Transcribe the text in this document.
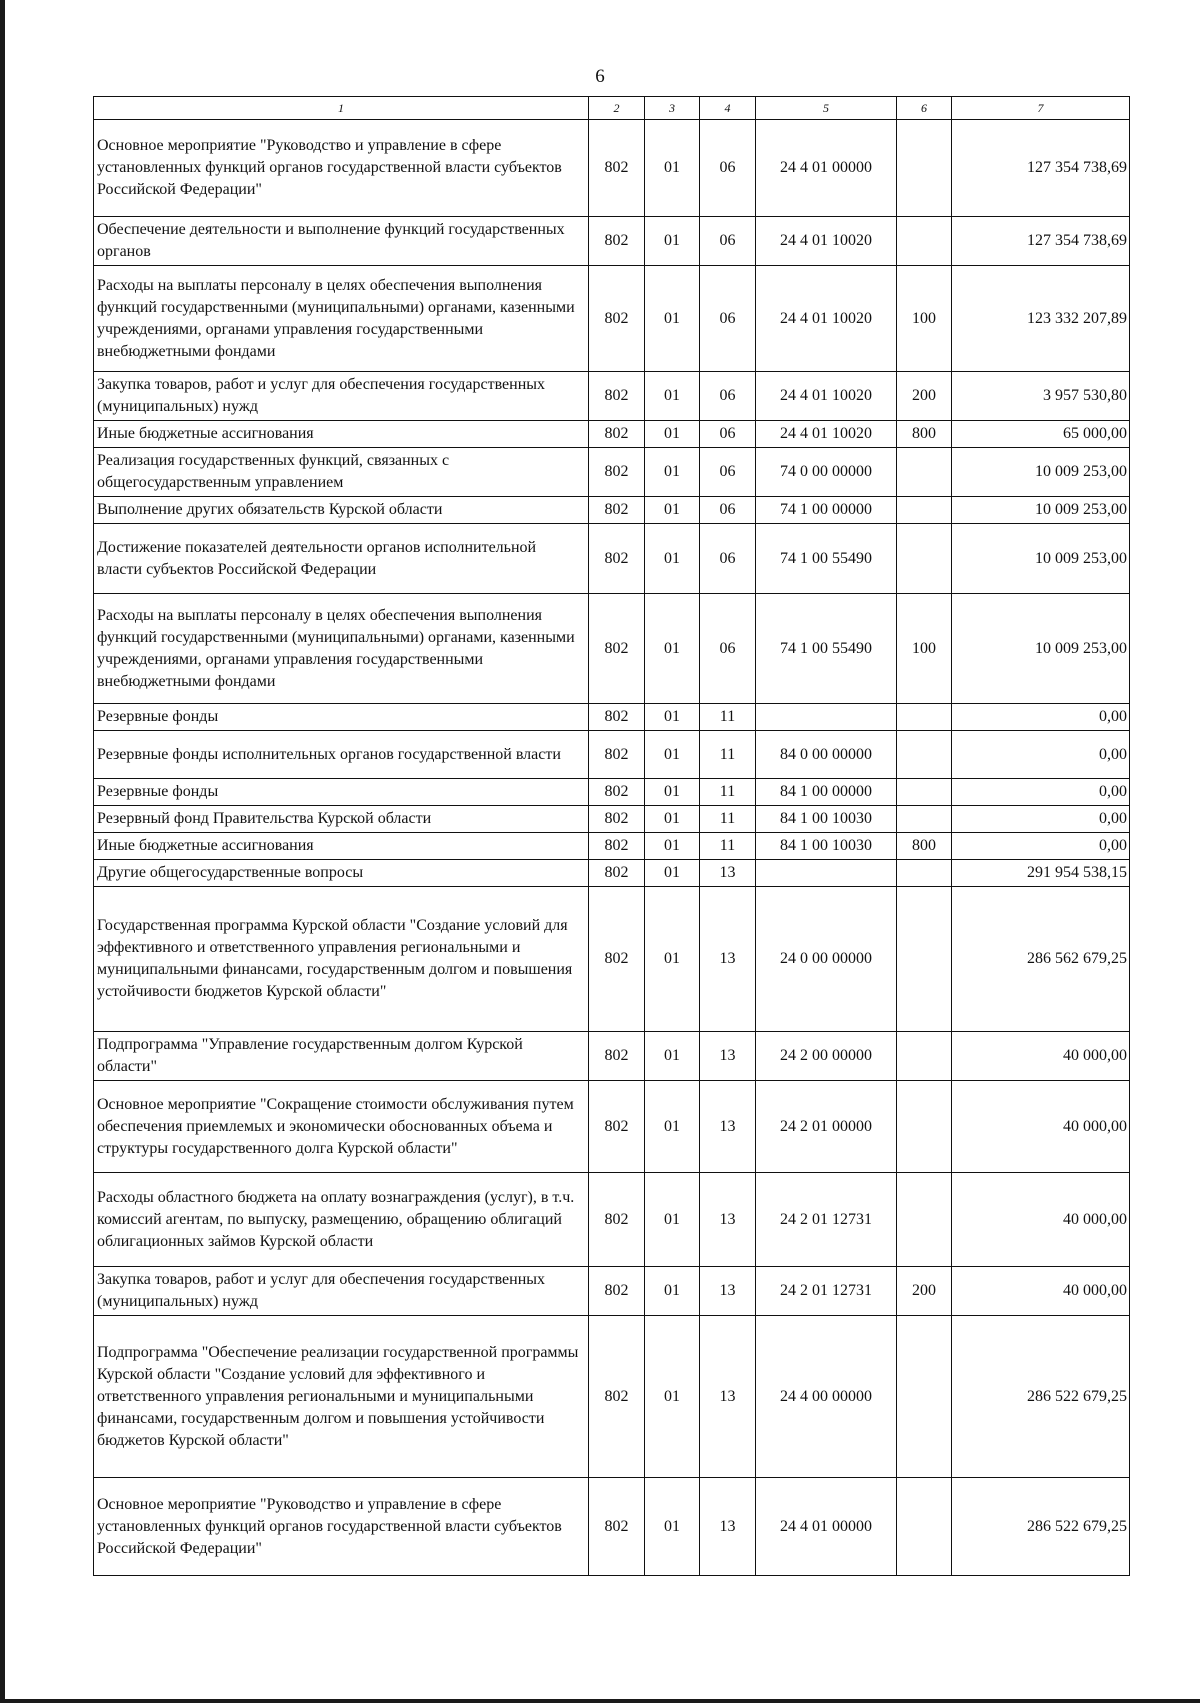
6
1	2	3	4	5	6	7
Основное мероприятие "Руководство и управление в сфере установленных функций органов государственной власти субъектов Российской Федерации"	802	01	06	24 4 01 00000		127 354 738,69
Обеспечение деятельности и выполнение функций государственных органов	802	01	06	24 4 01 10020		127 354 738,69
Расходы на выплаты персоналу в целях обеспечения выполнения функций государственными (муниципальными) органами, казенными учреждениями, органами управления государственными внебюджетными фондами	802	01	06	24 4 01 10020	100	123 332 207,89
Закупка товаров, работ и услуг для обеспечения государственных (муниципальных) нужд	802	01	06	24 4 01 10020	200	3 957 530,80
Иные бюджетные ассигнования	802	01	06	24 4 01 10020	800	65 000,00
Реализация государственных функций, связанных с общегосударственным управлением	802	01	06	74 0 00 00000		10 009 253,00
Выполнение других обязательств Курской области	802	01	06	74 1 00 00000		10 009 253,00
Достижение показателей деятельности органов исполнительной власти субъектов Российской Федерации	802	01	06	74 1 00 55490		10 009 253,00
Расходы на выплаты персоналу в целях обеспечения выполнения функций государственными (муниципальными) органами, казенными учреждениями, органами управления государственными внебюджетными фондами	802	01	06	74 1 00 55490	100	10 009 253,00
Резервные фонды	802	01	11			0,00
Резервные фонды исполнительных органов государственной власти	802	01	11	84 0 00 00000		0,00
Резервные фонды	802	01	11	84 1 00 00000		0,00
Резервный фонд Правительства Курской области	802	01	11	84 1 00 10030		0,00
Иные бюджетные ассигнования	802	01	11	84 1 00 10030	800	0,00
Другие общегосударственные вопросы	802	01	13			291 954 538,15
Государственная программа Курской области "Создание условий для эффективного и ответственного управления региональными и муниципальными финансами, государственным долгом и повышения устойчивости бюджетов Курской области"	802	01	13	24 0 00 00000		286 562 679,25
Подпрограмма "Управление государственным долгом Курской области"	802	01	13	24 2 00 00000		40 000,00
Основное мероприятие "Сокращение стоимости обслуживания путем обеспечения приемлемых и экономически обоснованных объема и структуры государственного долга Курской области"	802	01	13	24 2 01 00000		40 000,00
Расходы областного бюджета на оплату вознаграждения (услуг), в т.ч. комиссий агентам, по выпуску, размещению, обращению облигаций облигационных займов Курской области	802	01	13	24 2 01 12731		40 000,00
Закупка товаров, работ и услуг для обеспечения государственных (муниципальных) нужд	802	01	13	24 2 01 12731	200	40 000,00
Подпрограмма "Обеспечение реализации государственной программы Курской области "Создание условий для эффективного и ответственного управления региональными и муниципальными финансами, государственным долгом и повышения устойчивости бюджетов Курской области"	802	01	13	24 4 00 00000		286 522 679,25
Основное мероприятие "Руководство и управление в сфере установленных функций органов государственной власти субъектов Российской Федерации"	802	01	13	24 4 01 00000		286 522 679,25
